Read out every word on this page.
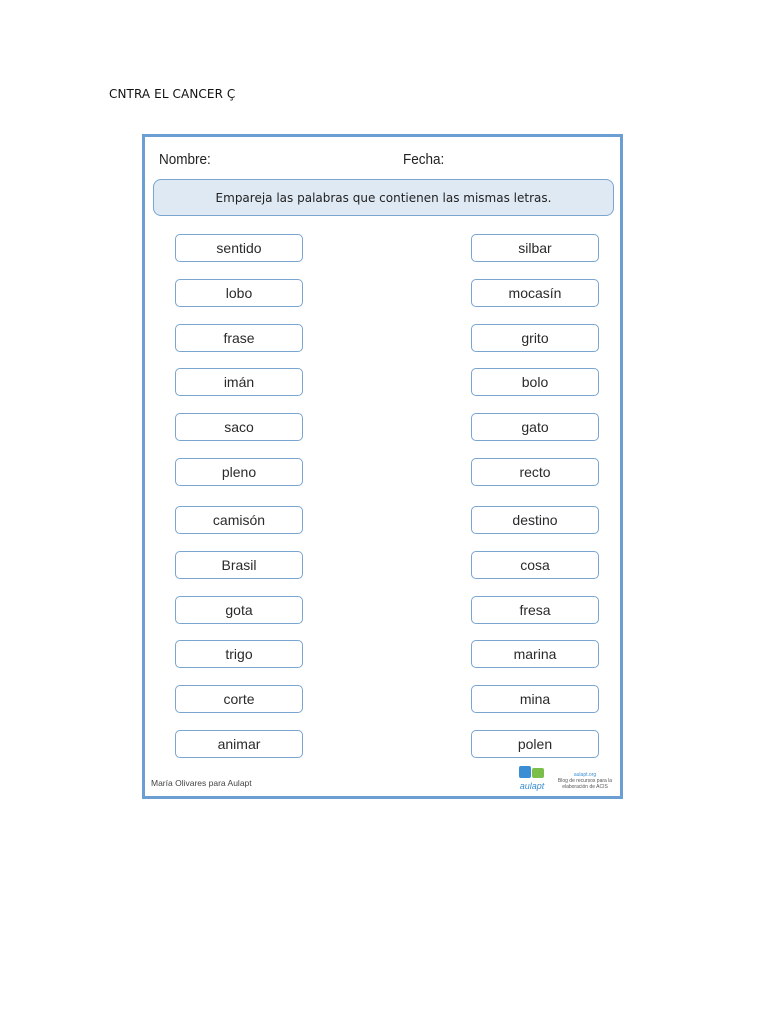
CNTRA EL CANCER Ç
Nombre:	Fecha:
Empareja las palabras que contienen las mismas letras.
sentido
lobo
frase
imán
saco
pleno
camisón
Brasil
gota
trigo
corte
animar
silbar
mocasín
grito
bolo
gato
recto
destino
cosa
fresa
marina
mina
polen
María Olivares para Aulapt	aulapt
aulapt.org
Blog de recursos para la
elaboración de ACIS
